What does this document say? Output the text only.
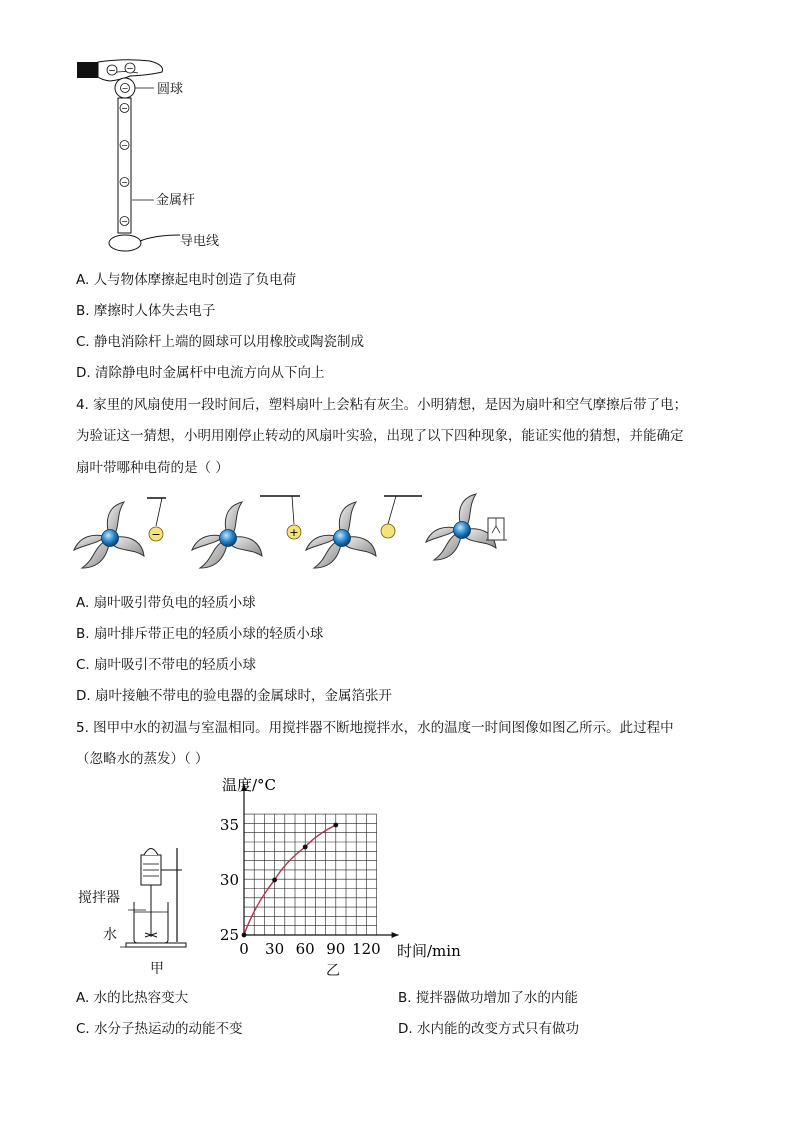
− −
−
−
−
−
−
圆球
金属杆
导电线
A. 人与物体摩擦起电时创造了负电荷
B. 摩擦时人体失去电子
C. 静电消除杆上端的圆球可以用橡胶或陶瓷制成
D. 清除静电时金属杆中电流方向从下向上
4. 家里的风扇使用一段时间后，塑料扇叶上会粘有灰尘。小明猜想，是因为扇叶和空气摩擦后带了电；
为验证这一猜想，小明用刚停止转动的风扇叶实验，出现了以下四种现象，能证实他的猜想，并能确定
扇叶带哪种电荷的是（ ）
−	+
A. 扇叶吸引带负电的轻质小球
B. 扇叶排斥带正电的轻质小球的轻质小球
C. 扇叶吸引不带电的轻质小球
D. 扇叶接触不带电的验电器的金属球时，金属箔张开
5. 图甲中水的初温与室温相同。用搅拌器不断地搅拌水，水的温度一时间图像如图乙所示。此过程中
（忽略水的蒸发）（ ）
搅拌器
水
甲
0 30 60 90 120
25
30
35
温度/°C
时间/min
乙
A. 水的比热容变大	B. 搅拌器做功增加了水的内能
C. 水分子热运动的动能不变	D. 水内能的改变方式只有做功
